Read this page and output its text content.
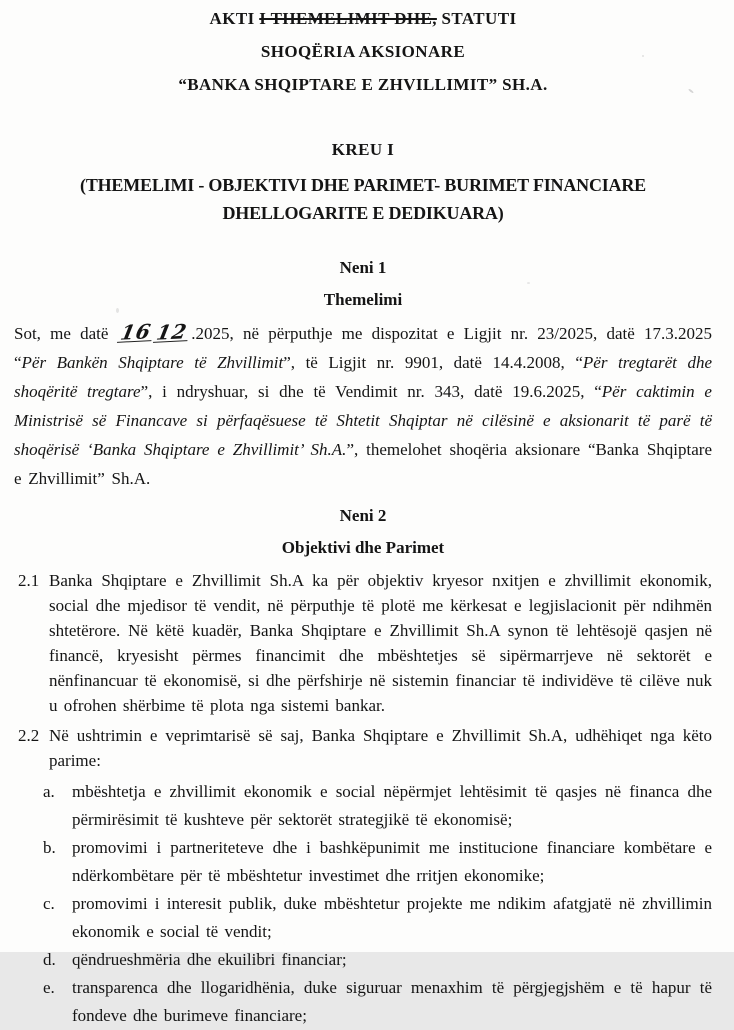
AKTI I THEMELIMIT DHE, STATUTI

SHOQËRIA AKSIONARE

“BANKA SHQIPTARE E ZHVILLIMIT” SH.A.

KREU I

(THEMELIMI - OBJEKTIVI DHE PARIMET- BURIMET FINANCIARE DHELLOGARITE E DEDIKUARA)

Neni 1

Themelimi

Sot, me datë 1612.2025, në përputhje me dispozitat e Ligjit nr. 23/2025, datë 17.3.2025 “Për Bankën Shqiptare të Zhvillimit”, të Ligjit nr. 9901, datë 14.4.2008, “Për tregtarët dhe shoqëritë tregtare”, i ndryshuar, si dhe të Vendimit nr. 343, datë 19.6.2025, “Për caktimin e Ministrisë së Financave si përfaqësuese të Shtetit Shqiptar në cilësinë e aksionarit të parë të shoqërisë ‘Banka Shqiptare e Zhvillimit’ Sh.A.”, themelohet shoqëria aksionare “Banka Shqiptare e Zhvillimit” Sh.A.

Neni 2

Objektivi dhe Parimet

2.1 Banka Shqiptare e Zhvillimit Sh.A ka për objektiv kryesor nxitjen e zhvillimit ekonomik, social dhe mjedisor të vendit, në përputhje të plotë me kërkesat e legjislacionit për ndihmën shtetërore. Në këtë kuadër, Banka Shqiptare e Zhvillimit Sh.A synon të lehtësojë qasjen në financë, kryesisht përmes financimit dhe mbështetjes së sipërmarrjeve në sektorët e nënfinancuar të ekonomisë, si dhe përfshirje në sistemin financiar të individëve të cilëve nuk u ofrohen shërbime të plota nga sistemi bankar.

2.2 Në ushtrimin e veprimtarisë së saj, Banka Shqiptare e Zhvillimit Sh.A, udhëhiqet nga këto parime:

a. mbështetja e zhvillimit ekonomik e social nëpërmjet lehtësimit të qasjes në financa dhe përmirësimit të kushteve për sektorët strategjikë të ekonomisë;

b. promovimi i partneriteteve dhe i bashkëpunimit me institucione financiare kombëtare e ndërkombëtare për të mbështetur investimet dhe rritjen ekonomike;

c. promovimi i interesit publik, duke mbështetur projekte me ndikim afatgjatë në zhvillimin ekonomik e social të vendit;

d. qëndrueshmëria dhe ekuilibri financiar;

e. transparenca dhe llogaridhënia, duke siguruar menaxhim të përgjegjshëm e të hapur të fondeve dhe burimeve financiare;
